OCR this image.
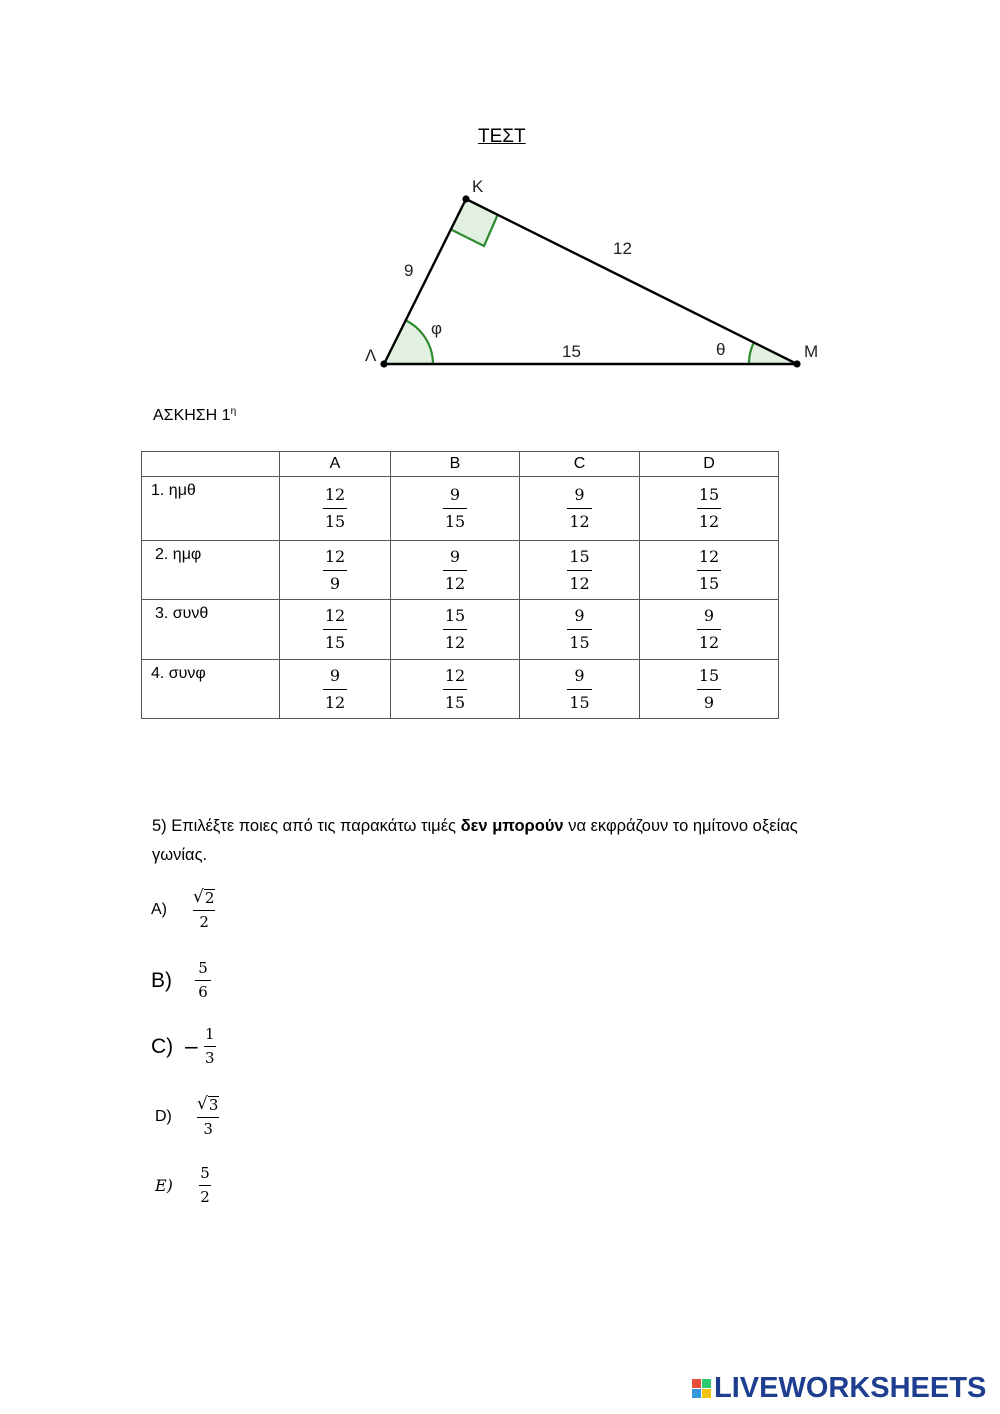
ΤΕΣΤ
Κ
Λ	Μ
9
12
15
φ
θ
ΑΣΚΗΣΗ $1^\eta$
	A	B	C	D
1. ημθ	$\frac{12}{15}$	$\frac{9}{15}$	$\frac{9}{12}$	$\frac{15}{12}$

2. ημφ	$\frac{12}{9}$	$\frac{9}{12}$	$\frac{15}{12}$	$\frac{12}{15}$

3. συνθ	$\frac{12}{15}$	$\frac{15}{12}$	$\frac{9}{15}$	$\frac{9}{12}$

4. συνφ	$\frac{9}{12}$	$\frac{12}{15}$	$\frac{9}{15}$	$\frac{15}{9}$
5) Επιλέξτε ποιες από τις παρακάτω τιμές δεν μπορούν να εκφράζουν το ημίτονο οξείας γωνίας.
A)	$\frac{√ 2}{2}$
B)	$\frac{5}{6}$
$C) - \frac{1}{3}$
D)	$\frac{√ 3}{3}$
E)	$\frac{5}{2}$
LIVEWORKSHEETS
